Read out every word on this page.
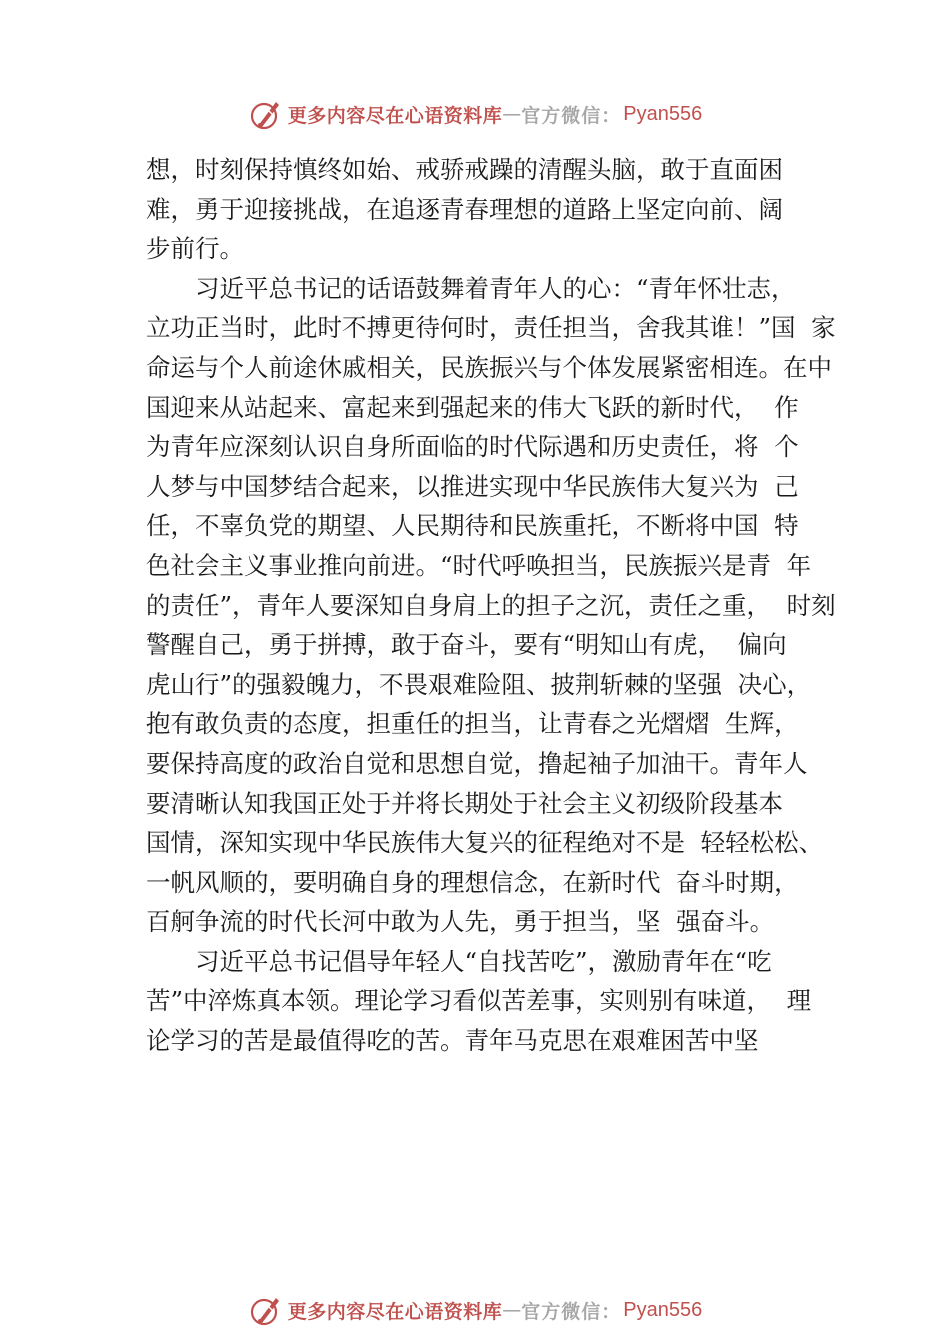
更多内容尽在心语资料库 — 官方微信： Pyan556
想，时刻保持慎终如始、戒骄戒躁的清醒头脑，敢于直面困
难，勇于迎接挑战，在追逐青春理想的道路上坚定向前、阔
步前行。
习近平总书记的话语鼓舞着青年人的心：“青年怀壮志，
立功正当时，此时不搏更待何时，责任担当，舍我其谁！”国  家
命运与个人前途休戚相关，民族振兴与个体发展紧密相连。在中
国迎来从站起来、富起来到强起来的伟大飞跃的新时代，  作
为青年应深刻认识自身所面临的时代际遇和历史责任，将  个
人梦与中国梦结合起来，以推进实现中华民族伟大复兴为  己
任，不辜负党的期望、人民期待和民族重托，不断将中国  特
色社会主义事业推向前进。“时代呼唤担当，民族振兴是青  年
的责任”，青年人要深知自身肩上的担子之沉，责任之重，  时刻
警醒自己，勇于拼搏，敢于奋斗，要有“明知山有虎，  偏向
虎山行”的强毅魄力，不畏艰难险阻、披荆斩棘的坚强  决心，
抱有敢负责的态度，担重任的担当，让青春之光熠熠  生辉，
要保持高度的政治自觉和思想自觉，撸起袖子加油干。青年人
要清晰认知我国正处于并将长期处于社会主义初级阶段基本
国情，深知实现中华民族伟大复兴的征程绝对不是  轻轻松松、
一帆风顺的，要明确自身的理想信念，在新时代  奋斗时期，
百舸争流的时代长河中敢为人先，勇于担当，坚  强奋斗。
习近平总书记倡导年轻人“自找苦吃”，激励青年在“吃
苦”中淬炼真本领。理论学习看似苦差事，实则别有味道，  理
论学习的苦是最值得吃的苦。青年马克思在艰难困苦中坚
更多内容尽在心语资料库 — 官方微信： Pyan556
